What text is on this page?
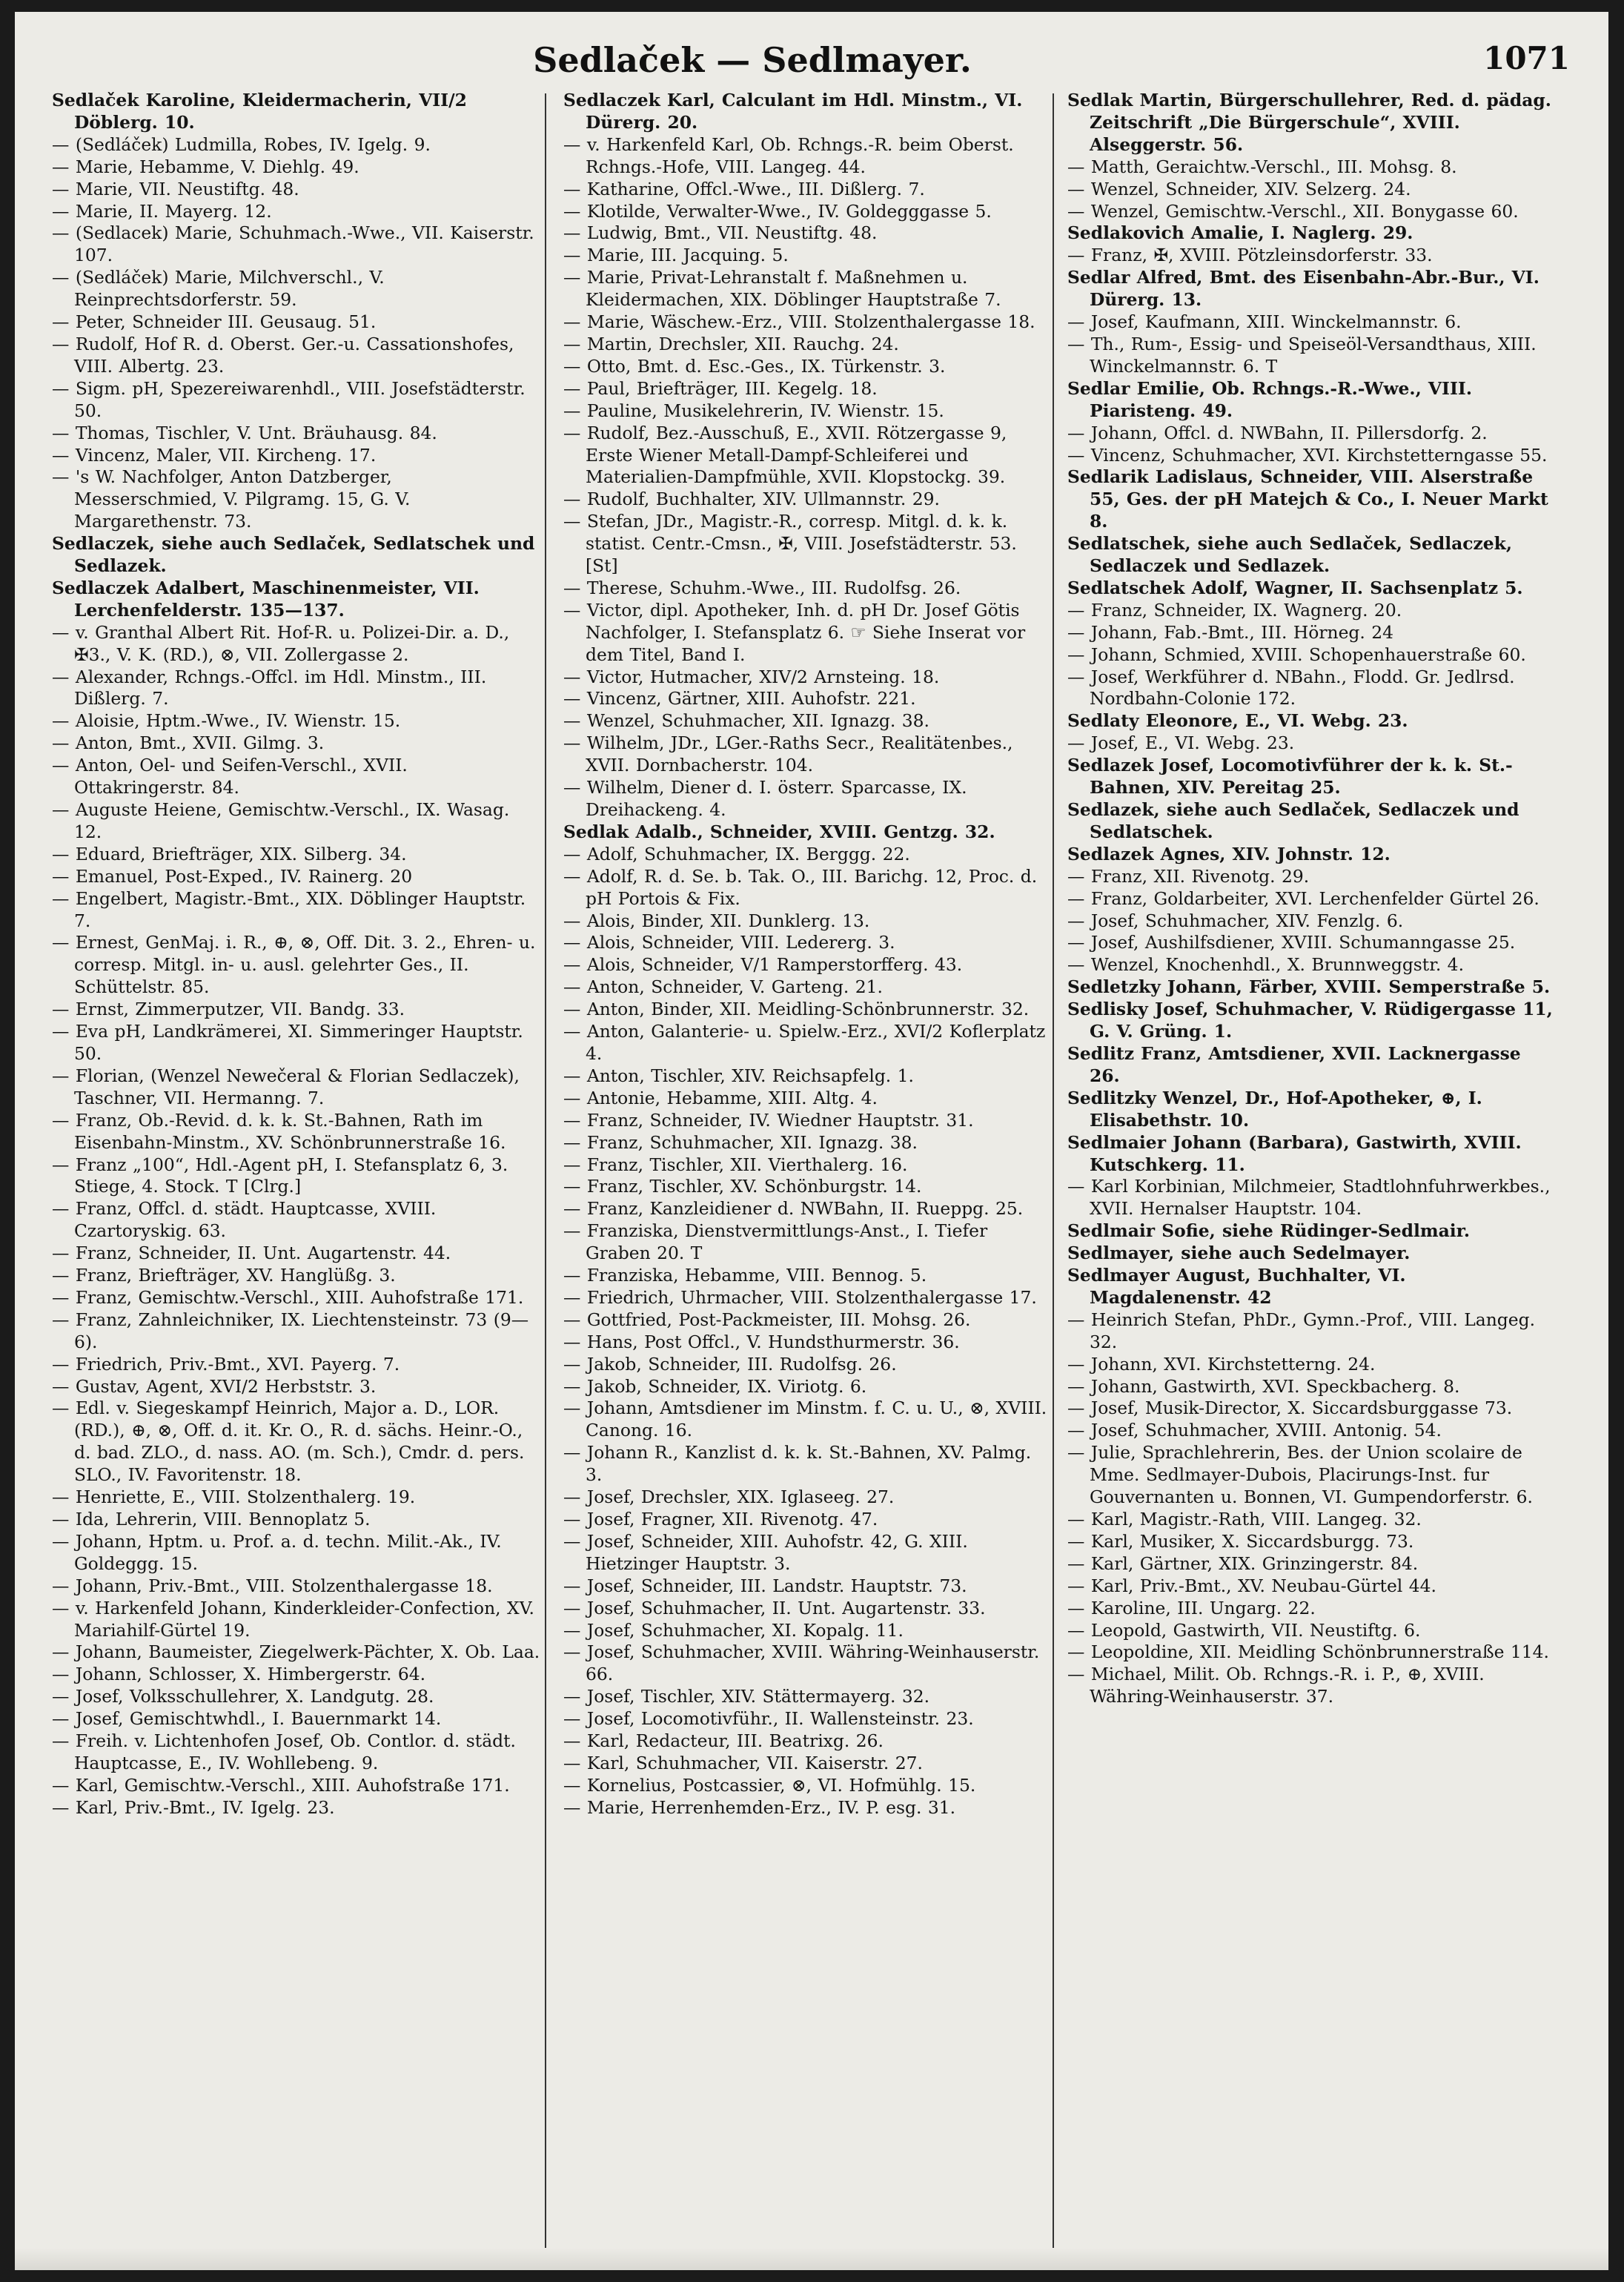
Sedlaček — Sedlmayer.	1071
Sedlaček Karoline, Kleidermacherin, VII/2 Döblerg. 10.
— (Sedláček) Ludmilla, Robes, IV. Igelg. 9.
— Marie, Hebamme, V. Diehlg. 49.
— Marie, VII. Neustiftg. 48.
— Marie, II. Mayerg. 12.
— (Sedlacek) Marie, Schuhmach.-Wwe., VII. Kaiserstr. 107.
— (Sedláček) Marie, Milchverschl., V. Reinprechtsdorferstr. 59.
— Peter, Schneider III. Geusaug. 51.
— Rudolf, Hof R. d. Oberst. Ger.-u. Cassationshofes, VIII. Albertg. 23.
— Sigm. pH, Spezereiwarenhdl., VIII. Josefstädterstr. 50.
— Thomas, Tischler, V. Unt. Bräuhausg. 84.
— Vincenz, Maler, VII. Kircheng. 17.
— 's W. Nachfolger, Anton Datzberger, Messerschmied, V. Pilgramg. 15, G. V. Margarethenstr. 73.
Sedlaczek, siehe auch Sedlaček, Sedlatschek und Sedlazek.
Sedlaczek Adalbert, Maschinenmeister, VII. Lerchenfelderstr. 135—137.
— v. Granthal Albert Rit. Hof-R. u. Polizei-Dir. a. D., ✠3., V. K. (RD.), ⊗, VII. Zollergasse 2.
— Alexander, Rchngs.-Offcl. im Hdl. Minstm., III. Dißlerg. 7.
— Aloisie, Hptm.-Wwe., IV. Wienstr. 15.
— Anton, Bmt., XVII. Gilmg. 3.
— Anton, Oel- und Seifen-Verschl., XVII. Ottakringerstr. 84.
— Auguste Heiene, Gemischtw.-Verschl., IX. Wasag. 12.
— Eduard, Briefträger, XIX. Silberg. 34.
— Emanuel, Post-Exped., IV. Rainerg. 20
— Engelbert, Magistr.-Bmt., XIX. Döblinger Hauptstr. 7.
— Ernest, GenMaj. i. R., ⊕, ⊗, Off. Dit. 3. 2., Ehren- u. corresp. Mitgl. in- u. ausl. gelehrter Ges., II. Schüttelstr. 85.
— Ernst, Zimmerputzer, VII. Bandg. 33.
— Eva pH, Landkrämerei, XI. Simmeringer Hauptstr. 50.
— Florian, (Wenzel Newečeral & Florian Sedlaczek), Taschner, VII. Hermanng. 7.
— Franz, Ob.-Revid. d. k. k. St.-Bahnen, Rath im Eisenbahn-Minstm., XV. Schönbrunnerstraße 16.
— Franz „100“, Hdl.-Agent pH, I. Stefansplatz 6, 3. Stiege, 4. Stock. T [Clrg.]
— Franz, Offcl. d. städt. Hauptcasse, XVIII. Czartoryskig. 63.
— Franz, Schneider, II. Unt. Augartenstr. 44.
— Franz, Briefträger, XV. Hanglüßg. 3.
— Franz, Gemischtw.-Verschl., XIII. Auhofstraße 171.
— Franz, Zahnleichniker, IX. Liechtensteinstr. 73 (9—6).
— Friedrich, Priv.-Bmt., XVI. Payerg. 7.
— Gustav, Agent, XVI/2 Herbststr. 3.
— Edl. v. Siegeskampf Heinrich, Major a. D., LOR. (RD.), ⊕, ⊗, Off. d. it. Kr. O., R. d. sächs. Heinr.-O., d. bad. ZLO., d. nass. AO. (m. Sch.), Cmdr. d. pers. SLO., IV. Favoritenstr. 18.
— Henriette, E., VIII. Stolzenthalerg. 19.
— Ida, Lehrerin, VIII. Bennoplatz 5.
— Johann, Hptm. u. Prof. a. d. techn. Milit.-Ak., IV. Goldeggg. 15.
— Johann, Priv.-Bmt., VIII. Stolzenthalergasse 18.
— v. Harkenfeld Johann, Kinderkleider-Confection, XV. Mariahilf-Gürtel 19.
— Johann, Baumeister, Ziegelwerk-Pächter, X. Ob. Laa.
— Johann, Schlosser, X. Himbergerstr. 64.
— Josef, Volksschullehrer, X. Landgutg. 28.
— Josef, Gemischtwhdl., I. Bauernmarkt 14.
— Freih. v. Lichtenhofen Josef, Ob. Contlor. d. städt. Hauptcasse, E., IV. Wohllebeng. 9.
— Karl, Gemischtw.-Verschl., XIII. Auhofstraße 171.
— Karl, Priv.-Bmt., IV. Igelg. 23.
Sedlaczek Karl, Calculant im Hdl. Minstm., VI. Dürerg. 20.
— v. Harkenfeld Karl, Ob. Rchngs.-R. beim Oberst. Rchngs.-Hofe, VIII. Langeg. 44.
— Katharine, Offcl.-Wwe., III. Dißlerg. 7.
— Klotilde, Verwalter-Wwe., IV. Goldegggasse 5.
— Ludwig, Bmt., VII. Neustiftg. 48.
— Marie, III. Jacquing. 5.
— Marie, Privat-Lehranstalt f. Maßnehmen u. Kleidermachen, XIX. Döblinger Hauptstraße 7.
— Marie, Wäschew.-Erz., VIII. Stolzenthalergasse 18.
— Martin, Drechsler, XII. Rauchg. 24.
— Otto, Bmt. d. Esc.-Ges., IX. Türkenstr. 3.
— Paul, Briefträger, III. Kegelg. 18.
— Pauline, Musikelehrerin, IV. Wienstr. 15.
— Rudolf, Bez.-Ausschuß, E., XVII. Rötzergasse 9, Erste Wiener Metall-Dampf-Schleiferei und Materialien-Dampfmühle, XVII. Klopstockg. 39.
— Rudolf, Buchhalter, XIV. Ullmannstr. 29.
— Stefan, JDr., Magistr.-R., corresp. Mitgl. d. k. k. statist. Centr.-Cmsn., ✠, VIII. Josefstädterstr. 53. [St]
— Therese, Schuhm.-Wwe., III. Rudolfsg. 26.
— Victor, dipl. Apotheker, Inh. d. pH Dr. Josef Götis Nachfolger, I. Stefansplatz 6. ☞ Siehe Inserat vor dem Titel, Band I.
— Victor, Hutmacher, XIV/2 Arnsteing. 18.
— Vincenz, Gärtner, XIII. Auhofstr. 221.
— Wenzel, Schuhmacher, XII. Ignazg. 38.
— Wilhelm, JDr., LGer.-Raths Secr., Realitätenbes., XVII. Dornbacherstr. 104.
— Wilhelm, Diener d. I. österr. Sparcasse, IX. Dreihackeng. 4.
Sedlak Adalb., Schneider, XVIII. Gentzg. 32.
— Adolf, Schuhmacher, IX. Berggg. 22.
— Adolf, R. d. Se. b. Tak. O., III. Barichg. 12, Proc. d. pH Portois & Fix.
— Alois, Binder, XII. Dunklerg. 13.
— Alois, Schneider, VIII. Ledererg. 3.
— Alois, Schneider, V/1 Ramperstorfferg. 43.
— Anton, Schneider, V. Garteng. 21.
— Anton, Binder, XII. Meidling-Schönbrunnerstr. 32.
— Anton, Galanterie- u. Spielw.-Erz., XVI/2 Koflerplatz 4.
— Anton, Tischler, XIV. Reichsapfelg. 1.
— Antonie, Hebamme, XIII. Altg. 4.
— Franz, Schneider, IV. Wiedner Hauptstr. 31.
— Franz, Schuhmacher, XII. Ignazg. 38.
— Franz, Tischler, XII. Vierthalerg. 16.
— Franz, Tischler, XV. Schönburgstr. 14.
— Franz, Kanzleidiener d. NWBahn, II. Rueppg. 25.
— Franziska, Dienstvermittlungs-Anst., I. Tiefer Graben 20. T
— Franziska, Hebamme, VIII. Bennog. 5.
— Friedrich, Uhrmacher, VIII. Stolzenthalergasse 17.
— Gottfried, Post-Packmeister, III. Mohsg. 26.
— Hans, Post Offcl., V. Hundsthurmerstr. 36.
— Jakob, Schneider, III. Rudolfsg. 26.
— Jakob, Schneider, IX. Viriotg. 6.
— Johann, Amtsdiener im Minstm. f. C. u. U., ⊗, XVIII. Canong. 16.
— Johann R., Kanzlist d. k. k. St.-Bahnen, XV. Palmg. 3.
— Josef, Drechsler, XIX. Iglaseeg. 27.
— Josef, Fragner, XII. Rivenotg. 47.
— Josef, Schneider, XIII. Auhofstr. 42, G. XIII. Hietzinger Hauptstr. 3.
— Josef, Schneider, III. Landstr. Hauptstr. 73.
— Josef, Schuhmacher, II. Unt. Augartenstr. 33.
— Josef, Schuhmacher, XI. Kopalg. 11.
— Josef, Schuhmacher, XVIII. Währing-Weinhauserstr. 66.
— Josef, Tischler, XIV. Stättermayerg. 32.
— Josef, Locomotivführ., II. Wallensteinstr. 23.
— Karl, Redacteur, III. Beatrixg. 26.
— Karl, Schuhmacher, VII. Kaiserstr. 27.
— Kornelius, Postcassier, ⊗, VI. Hofmühlg. 15.
— Marie, Herrenhemden-Erz., IV. P. esg. 31.
Sedlak Martin, Bürgerschullehrer, Red. d. pädag. Zeitschrift „Die Bürgerschule“, XVIII. Alseggerstr. 56.
— Matth, Geraichtw.-Verschl., III. Mohsg. 8.
— Wenzel, Schneider, XIV. Selzerg. 24.
— Wenzel, Gemischtw.-Verschl., XII. Bonygasse 60.
Sedlakovich Amalie, I. Naglerg. 29.
— Franz, ✠, XVIII. Pötzleinsdorferstr. 33.
Sedlar Alfred, Bmt. des Eisenbahn-Abr.-Bur., VI. Dürerg. 13.
— Josef, Kaufmann, XIII. Winckelmannstr. 6.
— Th., Rum-, Essig- und Speiseöl-Versandthaus, XIII. Winckelmannstr. 6. T
Sedlar Emilie, Ob. Rchngs.-R.-Wwe., VIII. Piaristeng. 49.
— Johann, Offcl. d. NWBahn, II. Pillersdorfg. 2.
— Vincenz, Schuhmacher, XVI. Kirchstetterngasse 55.
Sedlarik Ladislaus, Schneider, VIII. Alserstraße 55, Ges. der pH Matejch & Co., I. Neuer Markt 8.
Sedlatschek, siehe auch Sedlaček, Sedlaczek, Sedlaczek und Sedlazek.
Sedlatschek Adolf, Wagner, II. Sachsenplatz 5.
— Franz, Schneider, IX. Wagnerg. 20.
— Johann, Fab.-Bmt., III. Hörneg. 24
— Johann, Schmied, XVIII. Schopenhauerstraße 60.
— Josef, Werkführer d. NBahn., Flodd. Gr. Jedlrsd. Nordbahn-Colonie 172.
Sedlaty Eleonore, E., VI. Webg. 23.
— Josef, E., VI. Webg. 23.
Sedlazek Josef, Locomotivführer der k. k. St.-Bahnen, XIV. Pereitag 25.
Sedlazek, siehe auch Sedlaček, Sedlaczek und Sedlatschek.
Sedlazek Agnes, XIV. Johnstr. 12.
— Franz, XII. Rivenotg. 29.
— Franz, Goldarbeiter, XVI. Lerchenfelder Gürtel 26.
— Josef, Schuhmacher, XIV. Fenzlg. 6.
— Josef, Aushilfsdiener, XVIII. Schumanngasse 25.
— Wenzel, Knochenhdl., X. Brunnweggstr. 4.
Sedletzky Johann, Färber, XVIII. Semperstraße 5.
Sedlisky Josef, Schuhmacher, V. Rüdigergasse 11, G. V. Grüng. 1.
Sedlitz Franz, Amtsdiener, XVII. Lacknergasse 26.
Sedlitzky Wenzel, Dr., Hof-Apotheker, ⊕, I. Elisabethstr. 10.
Sedlmaier Johann (Barbara), Gastwirth, XVIII. Kutschkerg. 11.
— Karl Korbinian, Milchmeier, Stadtlohnfuhrwerkbes., XVII. Hernalser Hauptstr. 104.
Sedlmair Sofie, siehe Rüdinger-Sedlmair.
Sedlmayer, siehe auch Sedelmayer.
Sedlmayer August, Buchhalter, VI. Magdalenenstr. 42
— Heinrich Stefan, PhDr., Gymn.-Prof., VIII. Langeg. 32.
— Johann, XVI. Kirchstetterng. 24.
— Johann, Gastwirth, XVI. Speckbacherg. 8.
— Josef, Musik-Director, X. Siccardsburggasse 73.
— Josef, Schuhmacher, XVIII. Antonig. 54.
— Julie, Sprachlehrerin, Bes. der Union scolaire de Mme. Sedlmayer-Dubois, Placirungs-Inst. fur Gouvernanten u. Bonnen, VI. Gumpendorferstr. 6.
— Karl, Magistr.-Rath, VIII. Langeg. 32.
— Karl, Musiker, X. Siccardsburgg. 73.
— Karl, Gärtner, XIX. Grinzingerstr. 84.
— Karl, Priv.-Bmt., XV. Neubau-Gürtel 44.
— Karoline, III. Ungarg. 22.
— Leopold, Gastwirth, VII. Neustiftg. 6.
— Leopoldine, XII. Meidling Schönbrunnerstraße 114.
— Michael, Milit. Ob. Rchngs.-R. i. P., ⊕, XVIII. Währing-Weinhauserstr. 37.
